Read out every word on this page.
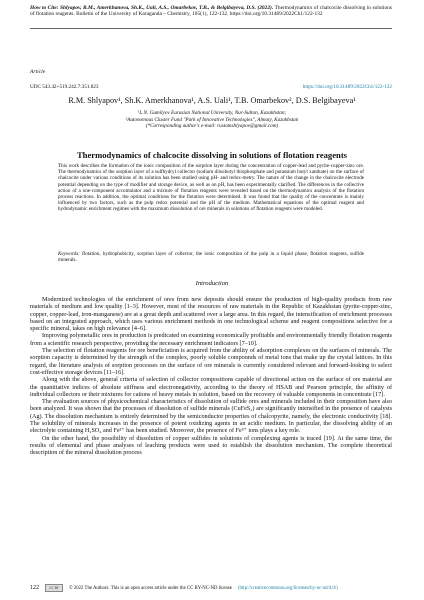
How to Cite: Shlyapov, R.M., Amerkhanova, Sh.K., Uali, A.S., Omarbekov, T.B., & Belgibayeva, D.S. (2022). Thermodynamics of chalcocite dissolving in solutions of flotation reagents. Bulletin of the University of Karaganda – Chemistry, 105(1), 122-132. https://doi.org/10.31489/2022Ch1/122-132
Article
UDC 543.42+519.242.7:351.823	https://doi.org/10.31489/2022Ch1/122-132
R.M. Shlyapov¹, Sh.K. Amerkhanova¹, A.S. Uali¹, T.B. Omarbekov², D.S. Belgibayeva¹
¹L.N. Gumilyov Eurasian National University, Nur-Sultan, Kazakhstan;
²Autonomous Cluster Fund "Park of Innovative Technologies", Almaty, Kazakhstan
(*Corresponding author's e-mail: rustamshlyapov@gmail.com)
Thermodynamics of chalcocite dissolving in solutions of flotation reagents
This work describes the formation of the ionic composition of the sorption layer during the concentration of copper-lead and pyrite-copper-zinc ore. The thermodynamics of the sorption layer of a sulfhydryl collector (sodium diisobutyl thiophosphate and potassium butyl xanthate) on the surface of chalcocite under various conditions of its solution has been studied using pH- and redox-metry. The nature of the change in the chalcocite electrode potential depending on the type of modifier and storage device, as well as on pH, has been experimentally clarified. The differences in the collective action of a one-component accumulator and a mixture of flotation reagents were revealed based on the thermodynamics analysis of the flotation process reactions. In addition, the optimal conditions for the flotation were determined. It was found that the quality of the concentrate is mainly influenced by two factors, such as the pulp redox potential and the pH of the medium. Mathematical equations of the optimal reagent and hydrodynamic enrichment regimes with the maximum dissolution of ore minerals in solutions of flotation reagents were modeled.
Keywords: flotation, hydrophobicity, sorption layer of collector, the ionic composition of the pulp in a liquid phase, flotation reagents, sulfide minerals.
Introduction

Modernized technologies of the enrichment of ores from new deposits should ensure the production of high-quality products from raw materials of medium and low quality [1–3]. However, most of the resources of raw materials in the Republic of Kazakhstan (pyrite-copper-zinc, copper, copper-lead, iron-manganese) are at a great depth and scattered over a large area. In this regard, the intensification of enrichment processes based on an integrated approach, which uses various enrichment methods in one technological scheme and reagent compositions selective for a specific mineral, takes on high relevance [4–6].

Improving polymetallic ores in production is predicated on examining economically profitable and environmentally friendly flotation reagents from a scientific research perspective, providing the necessary enrichment indicators [7–10].

The selection of flotation reagents for ore beneficiation is acquired from the ability of adsorption complexes on the surfaces of minerals. The sorption capacity is determined by the strength of the complex, poorly soluble compounds of metal ions that make up the crystal lattices. In this regard, the literature analysis of sorption processes on the surface of ore minerals is currently considered relevant and forward-looking to select cost-effective storage devices [11–16].

Along with the above, general criteria of selection of collector compositions capable of directional action on the surface of ore material are the quantitative indices of absolute stiffness and electronegativity, according to the theory of HSAB and Pearson principle, the affinity of individual collectors or their mixtures for cations of heavy metals in solution, based on the recovery of valuable components in concentrate [17].

The evaluation sources of physicochemical characteristics of dissolution of sulfide ores and minerals included in their composition have also been analyzed. It was shown that the processes of dissolution of sulfide minerals (CuFeS₂) are significantly intensified in the presence of catalysts (Ag). The dissolution mechanism is entirely determined by the semiconductor properties of chalcopyrite, namely, the electronic conductivity [18]. The solubility of minerals increases in the presence of potent oxidizing agents in an acidic medium. In particular, the dissolving ability of an electrolyte containing H₂SO₄ and Fe³⁺ has been studied. Moreover, the presence of Fe³⁺ ions plays a key role.

On the other hand, the possibility of dissolution of copper sulfides in solutions of complexing agents is traced [19]. At the same time, the results of elemental and phase analyses of leaching products were used to establish the dissolution mechanism. The complete theoretical description of the mineral dissolution process

122	CC BY	© 2022 The Authors. This is an open access article under the CC BY-NC-ND license (http://creativecommons.org/licenses/by-nc-nd/4.0/)
